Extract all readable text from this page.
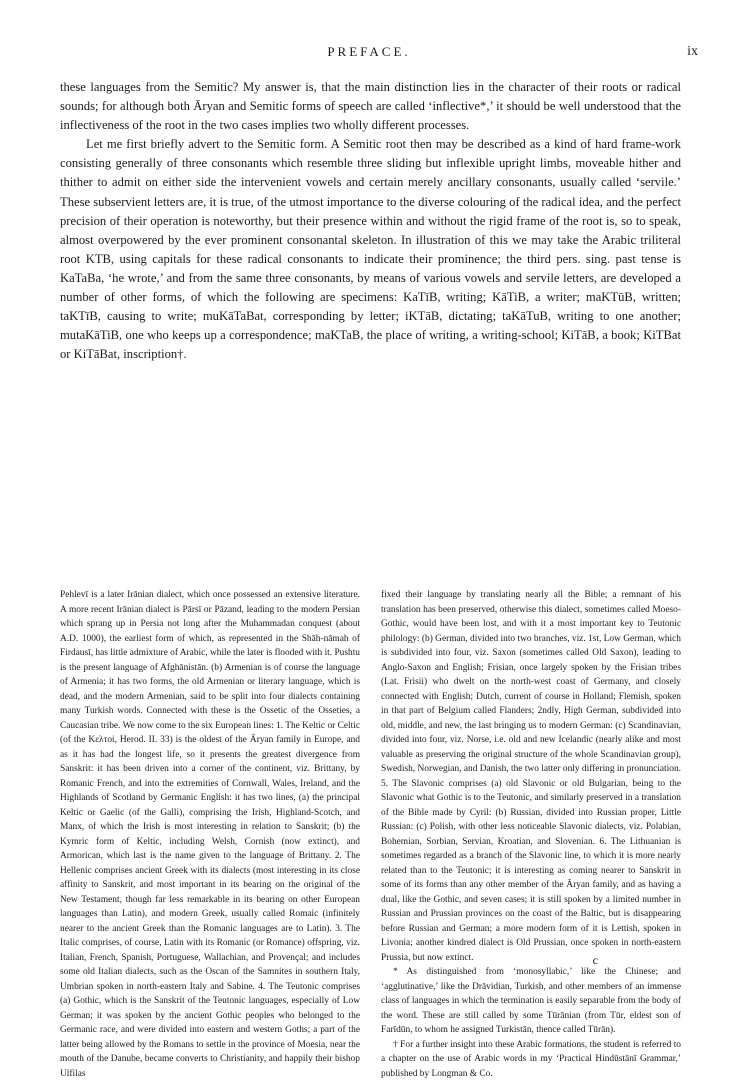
PREFACE.	ix

these languages from the Semitic? My answer is, that the main distinction lies in the character of their roots or radical sounds; for although both Āryan and Semitic forms of speech are called ‘inflective*,’ it should be well understood that the inflectiveness of the root in the two cases implies two wholly different processes.

Let me first briefly advert to the Semitic form. A Semitic root then may be described as a kind of hard frame-work consisting generally of three consonants which resemble three sliding but inflexible upright limbs, moveable hither and thither to admit on either side the intervenient vowels and certain merely ancillary consonants, usually called ‘servile.’ These subservient letters are, it is true, of the utmost importance to the diverse colouring of the radical idea, and the perfect precision of their operation is noteworthy, but their presence within and without the rigid frame of the root is, so to speak, almost overpowered by the ever prominent consonantal skeleton. In illustration of this we may take the Arabic triliteral root KTB, using capitals for these radical consonants to indicate their prominence; the third pers. sing. past tense is KaTaBa, ‘he wrote,’ and from the same three consonants, by means of various vowels and servile letters, are developed a number of other forms, of which the following are specimens: KaTīB, writing; KāTiB, a writer; maKTūB, written; taKTīB, causing to write; muKāTaBat, corresponding by letter; iKTāB, dictating; taKāTuB, writing to one another; mutaKāTiB, one who keeps up a correspondence; maKTaB, the place of writing, a writing-school; KiTāB, a book; KiTBat or KiTāBat, inscription†.

Pehlevī is a later Irānian dialect, which once possessed an extensive literature. A more recent Irānian dialect is Pārsī or Pāzand, leading to the modern Persian which sprang up in Persia not long after the Muhammadan conquest (about A.D. 1000), the earliest form of which, as represented in the Shāh-nāmah of Firdausī, has little admixture of Arabic, while the later is flooded with it. Pushtu is the present language of Afghānistān. (b) Armenian is of course the language of Armenia; it has two forms, the old Armenian or literary language, which is dead, and the modern Armenian, said to be split into four dialects containing many Turkish words. Connected with these is the Ossetic of the Osseties, a Caucasian tribe. We now come to the six European lines: 1. The Keltic or Celtic (of the Κελτοί, Herod. II. 33) is the oldest of the Āryan family in Europe, and as it has had the longest life, so it presents the greatest divergence from Sanskrit: it has been driven into a corner of the continent, viz. Brittany, by Romanic French, and into the extremities of Cornwall, Wales, Ireland, and the Highlands of Scotland by Germanic English: it has two lines, (a) the principal Keltic or Gaelic (of the Galli), comprising the Irish, Highland-Scotch, and Manx, of which the Irish is most interesting in relation to Sanskrit; (b) the Kymric form of Keltic, including Welsh, Cornish (now extinct), and Armorican, which last is the name given to the language of Brittany. 2. The Hellenic comprises ancient Greek with its dialects (most interesting in its close affinity to Sanskrit, and most important in its bearing on the original of the New Testament, though far less remarkable in its bearing on other European languages than Latin), and modern Greek, usually called Romaic (infinitely nearer to the ancient Greek than the Romanic languages are to Latin). 3. The Italic comprises, of course, Latin with its Romanic (or Romance) offspring, viz. Italian, French, Spanish, Portuguese, Wallachian, and Provençal; and includes some old Italian dialects, such as the Oscan of the Samnites in southern Italy, Umbrian spoken in north-eastern Italy and Sabine. 4. The Teutonic comprises (a) Gothic, which is the Sanskrit of the Teutonic languages, especially of Low German; it was spoken by the ancient Gothic peoples who belonged to the Germanic race, and were divided into eastern and western Goths; a part of the latter being allowed by the Romans to settle in the province of Moesia, near the mouth of the Danube, became converts to Christianity, and happily their bishop Ulfilas

fixed their language by translating nearly all the Bible; a remnant of his translation has been preserved, otherwise this dialect, sometimes called Moeso-Gothic, would have been lost, and with it a most important key to Teutonic philology: (b) German, divided into two branches, viz. 1st, Low German, which is subdivided into four, viz. Saxon (sometimes called Old Saxon), leading to Anglo-Saxon and English; Frisian, once largely spoken by the Frisian tribes (Lat. Frisii) who dwelt on the north-west coast of Germany, and closely connected with English; Dutch, current of course in Holland; Flemish, spoken in that part of Belgium called Flanders; 2ndly, High German, subdivided into old, middle, and new, the last bringing us to modern German: (c) Scandinavian, divided into four, viz. Norse, i.e. old and new Icelandic (nearly alike and most valuable as preserving the original structure of the whole Scandinavian group), Swedish, Norwegian, and Danish, the two latter only differing in pronunciation. 5. The Slavonic comprises (a) old Slavonic or old Bulgarian, being to the Slavonic what Gothic is to the Teutonic, and similarly preserved in a translation of the Bible made by Cyril: (b) Russian, divided into Russian proper, Little Russian: (c) Polish, with other less noticeable Slavonic dialects, viz. Polabian, Bohemian, Sorbian, Servian, Kroatian, and Slovenian. 6. The Lithuanian is sometimes regarded as a branch of the Slavonic line, to which it is more nearly related than to the Teutonic; it is interesting as coming nearer to Sanskrit in some of its forms than any other member of the Āryan family, and as having a dual, like the Gothic, and seven cases; it is still spoken by a limited number in Russian and Prussian provinces on the coast of the Baltic, but is disappearing before Russian and German; a more modern form of it is Lettish, spoken in Livonia; another kindred dialect is Old Prussian, once spoken in north-eastern Prussia, but now extinct.

* As distinguished from ‘monosyllabic,’ like the Chinese; and ‘agglutinative,’ like the Drāvidian, Turkish, and other members of an immense class of languages in which the termination is easily separable from the body of the word. These are still called by some Tūrānian (from Tūr, eldest son of Farīdūn, to whom he assigned Turkistān, thence called Tūrān).

† For a further insight into these Arabic formations, the student is referred to a chapter on the use of Arabic words in my ‘Practical Hindūstānī Grammar,’ published by Longman & Co.

c
